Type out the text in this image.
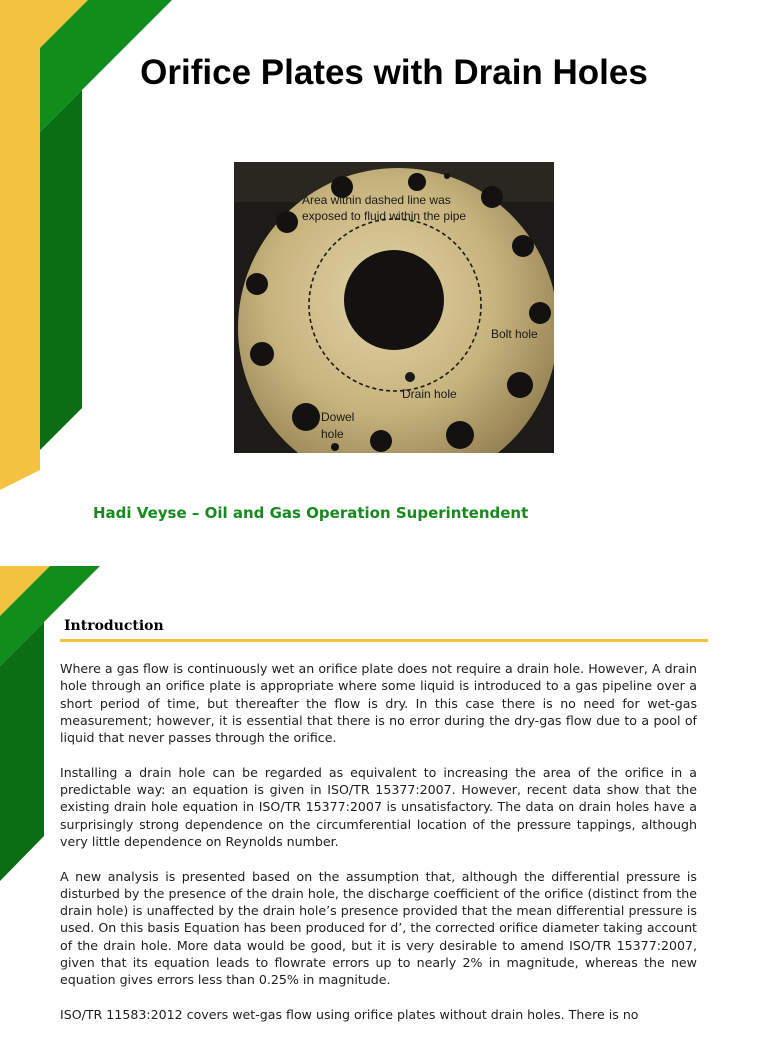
Orifice Plates with Drain Holes
Area within dashed line was
exposed to fluid within the pipe
Bolt hole
Drain hole
Dowel
hole
Hadi Veyse – Oil and Gas Operation Superintendent
Introduction

Where a gas flow is continuously wet an orifice plate does not require a drain hole. However, A drain hole through an orifice plate is appropriate where some liquid is introduced to a gas pipeline over a short period of time, but thereafter the flow is dry. In this case there is no need for wet-gas measurement; however, it is essential that there is no error during the dry-gas flow due to a pool of liquid that never passes through the orifice.

Installing a drain hole can be regarded as equivalent to increasing the area of the orifice in a predictable way: an equation is given in ISO/TR 15377:2007. However, recent data show that the existing drain hole equation in ISO/TR 15377:2007 is unsatisfactory. The data on drain holes have a surprisingly strong dependence on the circumferential location of the pressure tappings, although very little dependence on Reynolds number.

A new analysis is presented based on the assumption that, although the differential pressure is disturbed by the presence of the drain hole, the discharge coefficient of the orifice (distinct from the drain hole) is unaffected by the drain hole’s presence provided that the mean differential pressure is used. On this basis Equation has been produced for d’, the corrected orifice diameter taking account of the drain hole. More data would be good, but it is very desirable to amend ISO/TR 15377:2007, given that its equation leads to flowrate errors up to nearly 2% in magnitude, whereas the new equation gives errors less than 0.25% in magnitude.

ISO/TR 11583:2012 covers wet-gas flow using orifice plates without drain holes. There is no
